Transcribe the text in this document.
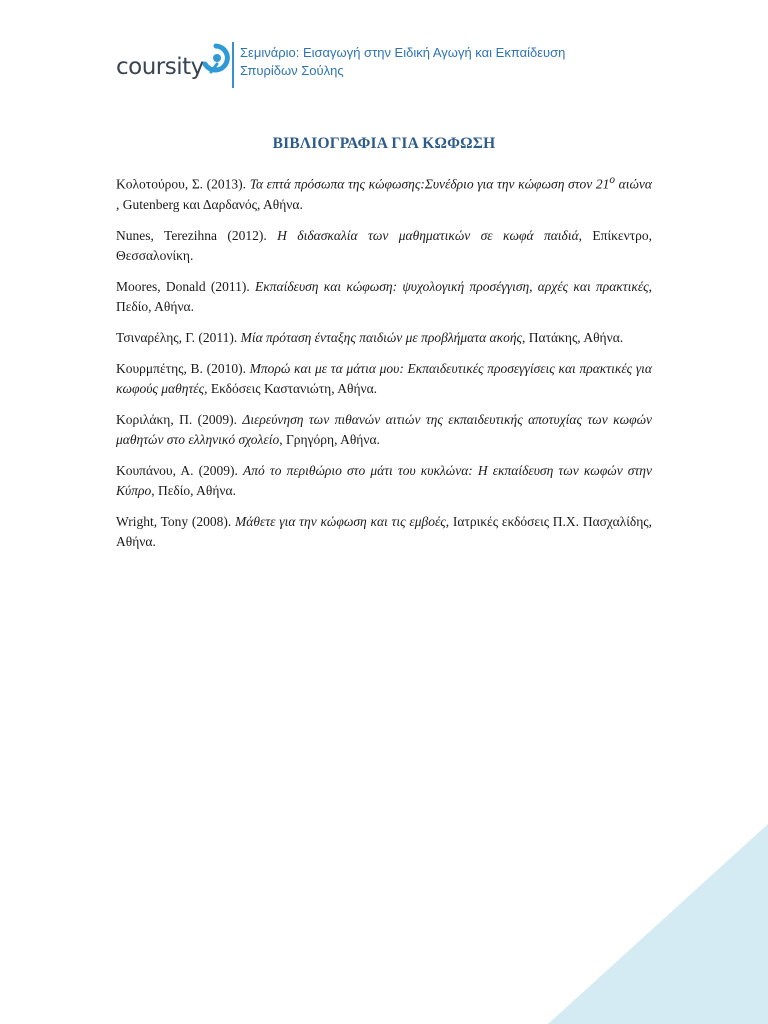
coursity
Σεμινάριο: Εισαγωγή στην Ειδική Αγωγή και Εκπαίδευση
Σπυρίδων Σούλης
ΒΙΒΛΙΟΓΡΑΦΙΑ ΓΙΑ ΚΩΦΩΣΗ

Κολοτούρου, Σ. (2013). Τα επτά πρόσωπα της κώφωσης:Συνέδριο για την κώφωση στον $21^o$ αιώνα , Gutenberg και Δαρδανός, Αθήνα.

Nunes, Terezihna (2012). Η διδασκαλία των μαθηματικών σε κωφά παιδιά, Επίκεντρο, Θεσσαλονίκη.

Moores, Donald (2011). Εκπαίδευση και κώφωση: ψυχολογική προσέγγιση, αρχές και πρακτικές, Πεδίο, Αθήνα.

Τσιναρέλης, Γ. (2011). Μία πρόταση ένταξης παιδιών με προβλήματα ακοής, Πατάκης, Αθήνα.

Κουρμπέτης, Β. (2010). Μπορώ και με τα μάτια μου: Εκπαιδευτικές προσεγγίσεις και πρακτικές για κωφούς μαθητές, Εκδόσεις Καστανιώτη, Αθήνα.

Κοριλάκη, Π. (2009). Διερεύνηση των πιθανών αιτιών της εκπαιδευτικής αποτυχίας των κωφών μαθητών στο ελληνικό σχολείο, Γρηγόρη, Αθήνα.

Κουπάνου, Α. (2009). Από το περιθώριο στο μάτι του κυκλώνα: Η εκπαίδευση των κωφών στην Κύπρο, Πεδίο, Αθήνα.

Wright, Tony (2008). Μάθετε για την κώφωση και τις εμβοές, Ιατρικές εκδόσεις Π.Χ. Πασχαλίδης, Αθήνα.
